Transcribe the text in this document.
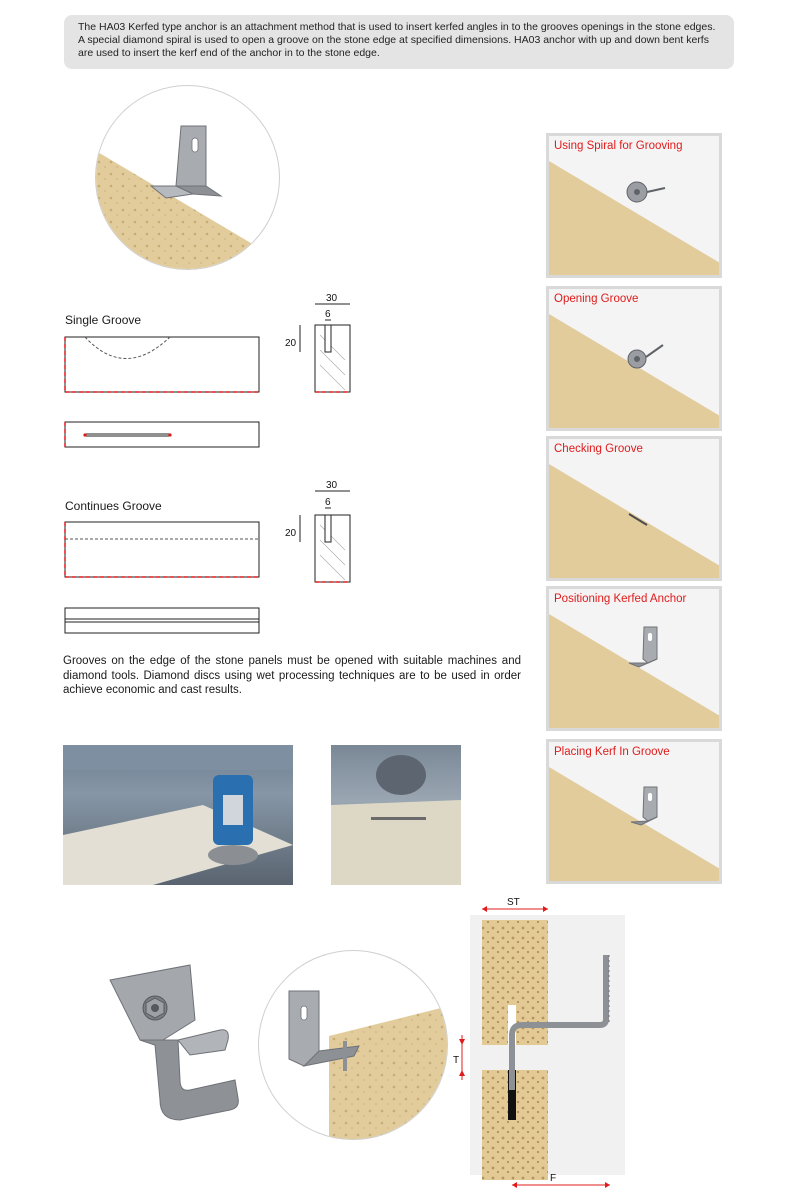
The HA03 Kerfed type anchor is an attachment method that is used to insert kerfed angles in to the grooves openings in the stone edges.

A special diamond spiral is used to open a groove on the stone edge at specified dimensions. HA03 anchor with up and down bent kerfs

are used to insert the kerf end of the anchor in to the stone edge.

Single Groove
30
6
20
Continues Groove
30
6
20
Grooves on the edge of the stone panels must be opened with suitable machines and diamond tools. Diamond discs using wet processing techniques are to be used in order achieve economic and cast results.
ST
T
F
Using Spiral for Grooving
Opening Groove
Checking Groove
Positioning Kerfed Anchor
Placing Kerf In Groove
